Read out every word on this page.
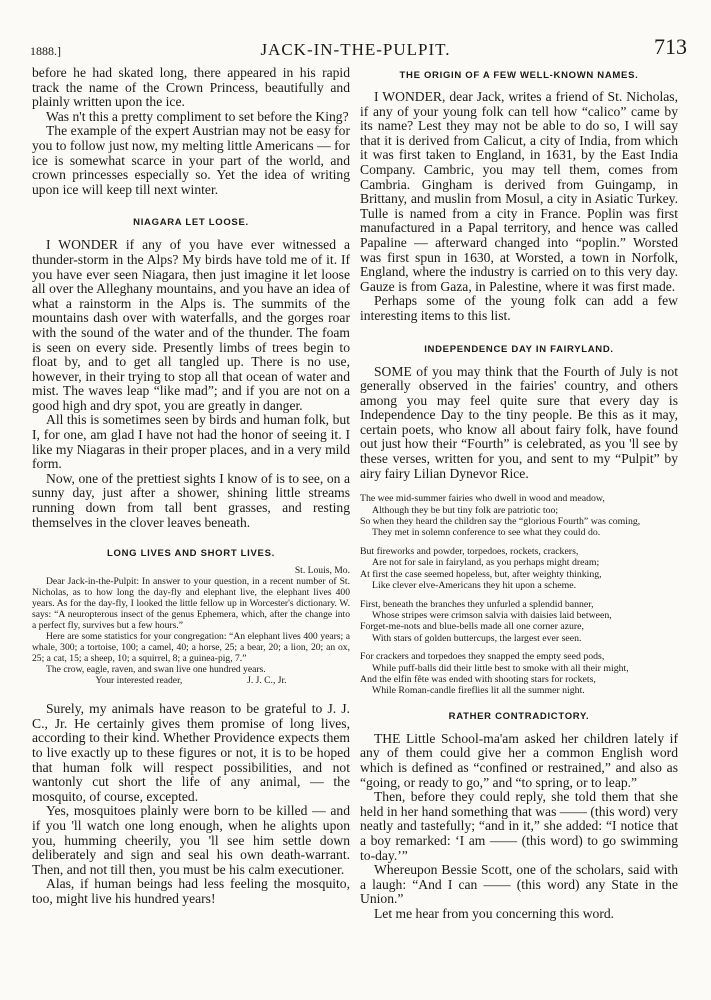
1888.]	JACK-IN-THE-PULPIT.	713

before he had skated long, there appeared in his rapid track the name of the Crown Princess, beautifully and plainly written upon the ice.

Was n't this a pretty compliment to set before the King?

The example of the expert Austrian may not be easy for you to follow just now, my melting little Americans — for ice is somewhat scarce in your part of the world, and crown princesses especially so. Yet the idea of writing upon ice will keep till next winter.

NIAGARA LET LOOSE.

I WONDER if any of you have ever witnessed a thunder-storm in the Alps? My birds have told me of it. If you have ever seen Niagara, then just imagine it let loose all over the Alleghany mountains, and you have an idea of what a rainstorm in the Alps is. The summits of the mountains dash over with waterfalls, and the gorges roar with the sound of the water and of the thunder. The foam is seen on every side. Presently limbs of trees begin to float by, and to get all tangled up. There is no use, however, in their trying to stop all that ocean of water and mist. The waves leap “like mad”; and if you are not on a good high and dry spot, you are greatly in danger.

All this is sometimes seen by birds and human folk, but I, for one, am glad I have not had the honor of seeing it. I like my Niagaras in their proper places, and in a very mild form.

Now, one of the prettiest sights I know of is to see, on a sunny day, just after a shower, shining little streams running down from tall bent grasses, and resting themselves in the clover leaves beneath.

LONG LIVES AND SHORT LIVES.

St. Louis, Mo.

Dear Jack-in-the-Pulpit: In answer to your question, in a recent number of St. Nicholas, as to how long the day-fly and elephant live, the elephant lives 400 years. As for the day-fly, I looked the little fellow up in Worcester's dictionary. W. says: “A neuropterous insect of the genus Ephemera, which, after the change into a perfect fly, survives but a few hours.”

Here are some statistics for your congregation: “An elephant lives 400 years; a whale, 300; a tortoise, 100; a camel, 40; a horse, 25; a bear, 20; a lion, 20; an ox, 25; a cat, 15; a sheep, 10; a squirrel, 8; a guinea-pig, 7.”

The crow, eagle, raven, and swan live one hundred years.

Your interested reader,	J. J. C., Jr.

Surely, my animals have reason to be grateful to J. J. C., Jr. He certainly gives them promise of long lives, according to their kind. Whether Providence expects them to live exactly up to these figures or not, it is to be hoped that human folk will respect possibilities, and not wantonly cut short the life of any animal, — the mosquito, of course, excepted.

Yes, mosquitoes plainly were born to be killed — and if you 'll watch one long enough, when he alights upon you, humming cheerily, you 'll see him settle down deliberately and sign and seal his own death-warrant. Then, and not till then, you must be his calm executioner.

Alas, if human beings had less feeling the mosquito, too, might live his hundred years!

THE ORIGIN OF A FEW WELL-KNOWN NAMES.

I WONDER, dear Jack, writes a friend of St. Nicholas, if any of your young folk can tell how “calico” came by its name? Lest they may not be able to do so, I will say that it is derived from Calicut, a city of India, from which it was first taken to England, in 1631, by the East India Company. Cambric, you may tell them, comes from Cambria. Gingham is derived from Guingamp, in Brittany, and muslin from Mosul, a city in Asiatic Turkey. Tulle is named from a city in France. Poplin was first manufactured in a Papal territory, and hence was called Papaline — afterward changed into “poplin.” Worsted was first spun in 1630, at Worsted, a town in Norfolk, England, where the industry is carried on to this very day. Gauze is from Gaza, in Palestine, where it was first made.

Perhaps some of the young folk can add a few interesting items to this list.

INDEPENDENCE DAY IN FAIRYLAND.

SOME of you may think that the Fourth of July is not generally observed in the fairies' country, and others among you may feel quite sure that every day is Independence Day to the tiny people. Be this as it may, certain poets, who know all about fairy folk, have found out just how their “Fourth” is celebrated, as you 'll see by these verses, written for you, and sent to my “Pulpit” by airy fairy Lilian Dynevor Rice.

The wee mid-summer fairies who dwell in wood and meadow,
Although they be but tiny folk are patriotic too;
So when they heard the children say the “glorious Fourth” was coming,
They met in solemn conference to see what they could do.
But fireworks and powder, torpedoes, rockets, crackers,
Are not for sale in fairyland, as you perhaps might dream;
At first the case seemed hopeless, but, after weighty thinking,
Like clever elve-Americans they hit upon a scheme.
First, beneath the branches they unfurled a splendid banner,
Whose stripes were crimson salvia with daisies laid between,
Forget-me-nots and blue-bells made all one corner azure,
With stars of golden buttercups, the largest ever seen.
For crackers and torpedoes they snapped the empty seed pods,
While puff-balls did their little best to smoke with all their might,
And the elfin fête was ended with shooting stars for rockets,
While Roman-candle fireflies lit all the summer night.
RATHER CONTRADICTORY.

THE Little School-ma'am asked her children lately if any of them could give her a common English word which is defined as “confined or restrained,” and also as “going, or ready to go,” and “to spring, or to leap.”

Then, before they could reply, she told them that she held in her hand something that was —— (this word) very neatly and tastefully; “and in it,” she added: “I notice that a boy remarked: ‘I am —— (this word) to go swimming to-day.’”

Whereupon Bessie Scott, one of the scholars, said with a laugh: “And I can —— (this word) any State in the Union.”

Let me hear from you concerning this word.
